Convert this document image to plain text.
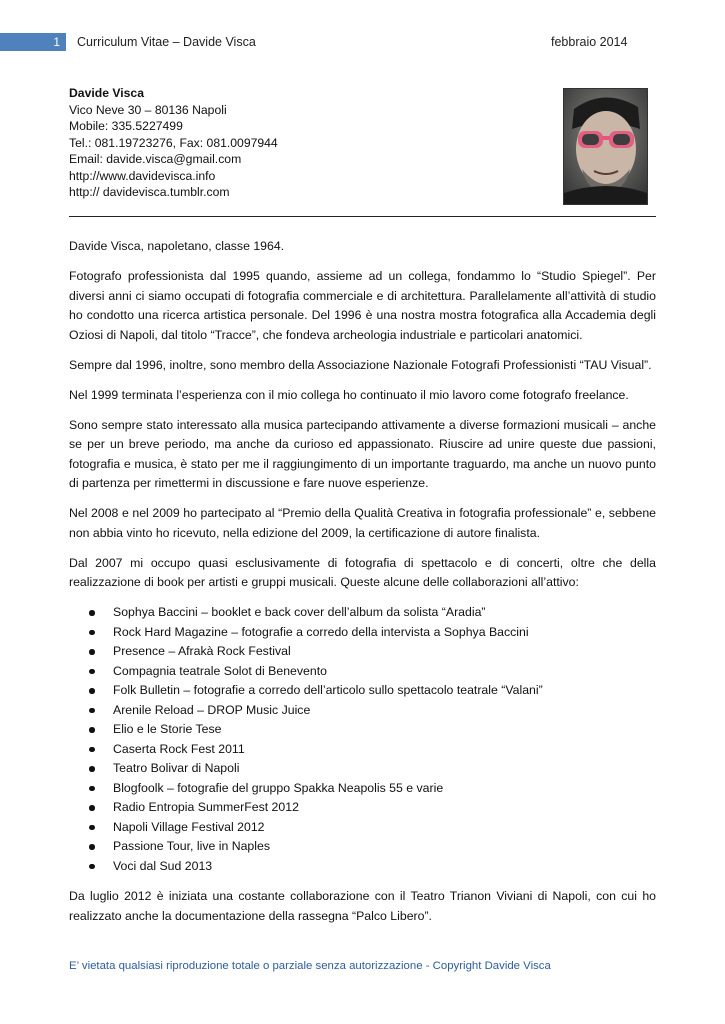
1	Curriculum Vitae – Davide Visca	febbraio 2014
Davide Visca
Vico Neve 30 – 80136 Napoli
Mobile: 335.5227499
Tel.: 081.19723276, Fax: 081.0097944
Email: davide.visca@gmail.com
http://www.davidevisca.info
http:// davidevisca.tumblr.com

Davide Visca, napoletano, classe 1964.

Fotografo professionista dal 1995 quando, assieme ad un collega, fondammo lo “Studio Spiegel”. Per diversi anni ci siamo occupati di fotografia commerciale e di architettura. Parallelamente all’attività di studio ho condotto una ricerca artistica personale. Del 1996 è una nostra mostra fotografica alla Accademia degli Oziosi di Napoli, dal titolo “Tracce”, che fondeva archeologia industriale e particolari anatomici.

Sempre dal 1996, inoltre, sono membro della Associazione Nazionale Fotografi Professionisti “TAU Visual”.

Nel 1999 terminata l’esperienza con il mio collega ho continuato il mio lavoro come fotografo freelance.

Sono sempre stato interessato alla musica partecipando attivamente a diverse formazioni musicali – anche se per un breve periodo, ma anche da curioso ed appassionato. Riuscire ad unire queste due passioni, fotografia e musica, è stato per me il raggiungimento di un importante traguardo, ma anche un nuovo punto di partenza per rimettermi in discussione e fare nuove esperienze.

Nel 2008 e nel 2009 ho partecipato al “Premio della Qualità Creativa in fotografia professionale” e, sebbene non abbia vinto ho ricevuto, nella edizione del 2009, la certificazione di autore finalista.

Dal 2007 mi occupo quasi esclusivamente di fotografia di spettacolo e di concerti, oltre che della realizzazione di book per artisti e gruppi musicali. Queste alcune delle collaborazioni all’attivo:

Sophya Baccini – booklet e back cover dell’album da solista “Aradia”
Rock Hard Magazine – fotografie a corredo della intervista a Sophya Baccini
Presence – Afrakà Rock Festival
Compagnia teatrale Solot di Benevento
Folk Bulletin – fotografie a corredo dell’articolo sullo spettacolo teatrale “Valani”
Arenile Reload – DROP Music Juice
Elio e le Storie Tese
Caserta Rock Fest 2011
Teatro Bolivar di Napoli
Blogfoolk – fotografie del gruppo Spakka Neapolis 55 e varie
Radio Entropia SummerFest 2012
Napoli Village Festival 2012
Passione Tour, live in Naples
Voci dal Sud 2013

Da luglio 2012 è iniziata una costante collaborazione con il Teatro Trianon Viviani di Napoli, con cui ho realizzato anche la documentazione della rassegna “Palco Libero”.

E’ vietata qualsiasi riproduzione totale o parziale senza autorizzazione - Copyright Davide Visca
